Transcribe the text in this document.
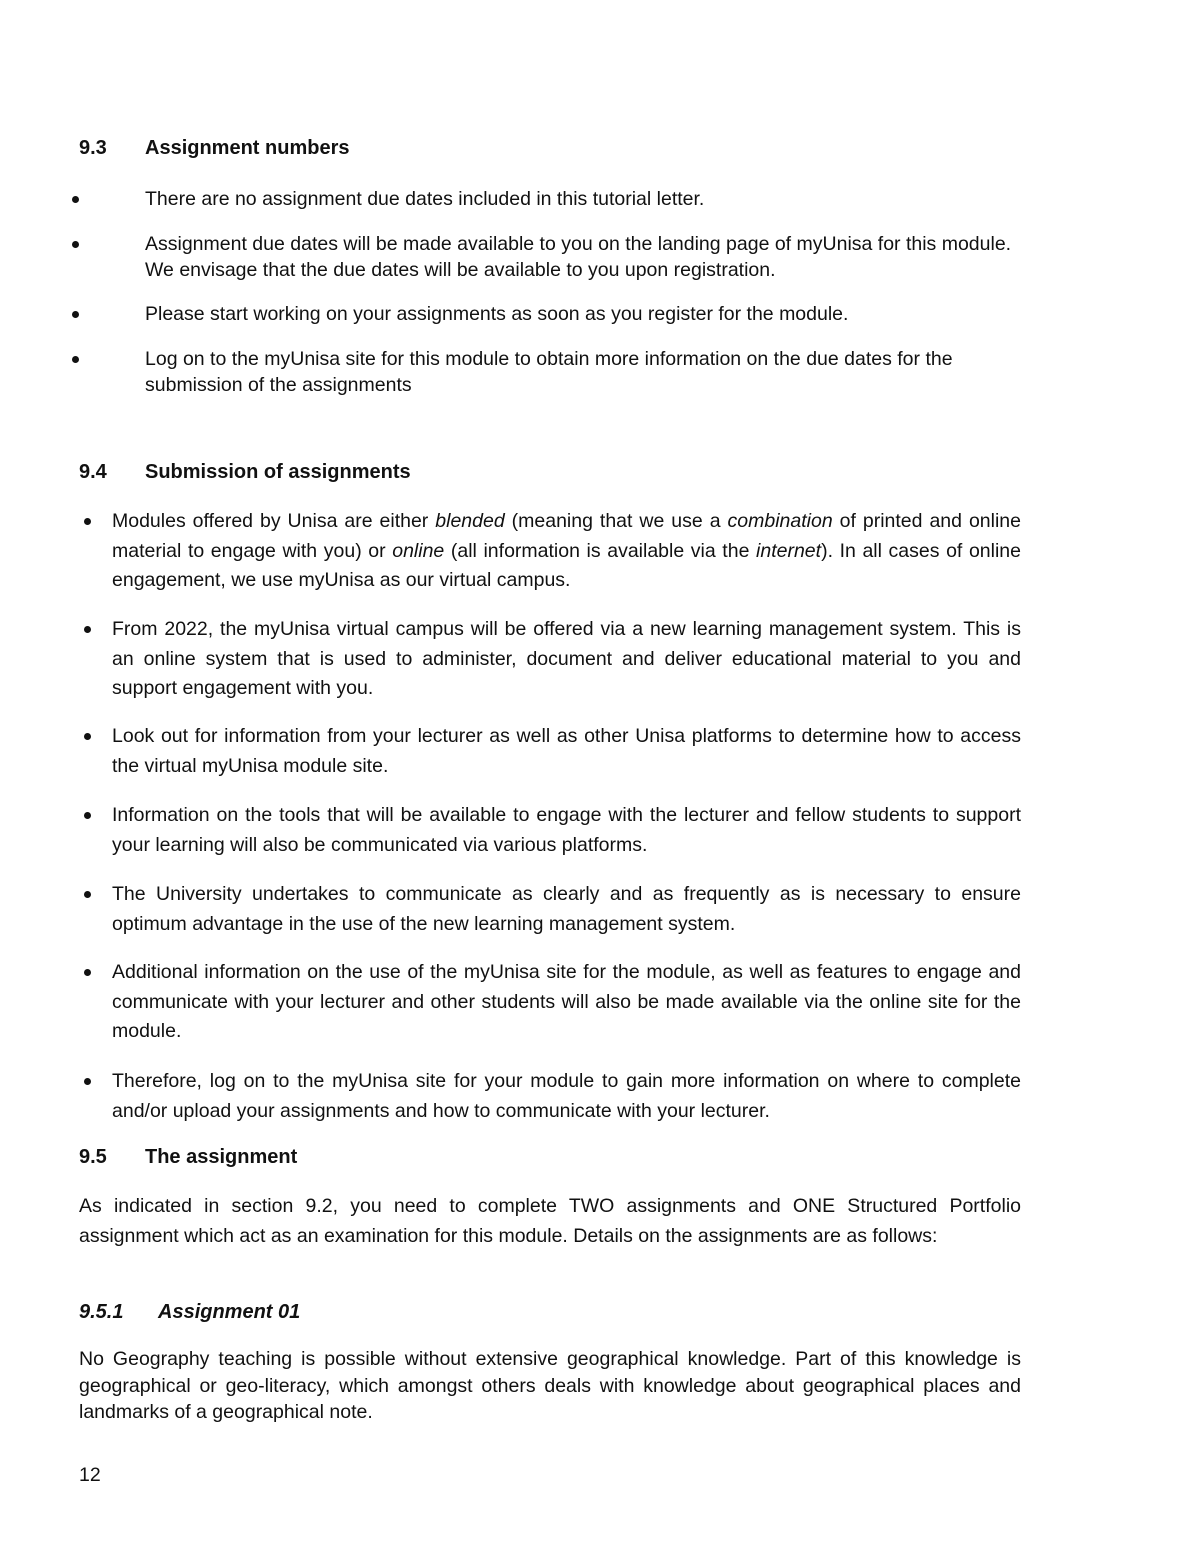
9.3 Assignment numbers
There are no assignment due dates included in this tutorial letter.
Assignment due dates will be made available to you on the landing page of myUnisa for this module. We envisage that the due dates will be available to you upon registration.
Please start working on your assignments as soon as you register for the module.
Log on to the myUnisa site for this module to obtain more information on the due dates for the submission of the assignments
9.4 Submission of assignments
Modules offered by Unisa are either blended (meaning that we use a combination of printed and online material to engage with you) or online (all information is available via the internet). In all cases of online engagement, we use myUnisa as our virtual campus.
From 2022, the myUnisa virtual campus will be offered via a new learning management system. This is an online system that is used to administer, document and deliver educational material to you and support engagement with you.
Look out for information from your lecturer as well as other Unisa platforms to determine how to access the virtual myUnisa module site.
Information on the tools that will be available to engage with the lecturer and fellow students to support your learning will also be communicated via various platforms.
The University undertakes to communicate as clearly and as frequently as is necessary to ensure optimum advantage in the use of the new learning management system.
Additional information on the use of the myUnisa site for the module, as well as features to engage and communicate with your lecturer and other students will also be made available via the online site for the module.
Therefore, log on to the myUnisa site for your module to gain more information on where to complete and/or upload your assignments and how to communicate with your lecturer.
9.5 The assignment
As indicated in section 9.2, you need to complete TWO assignments and ONE Structured Portfolio assignment which act as an examination for this module. Details on the assignments are as follows:
9.5.1 Assignment 01
No Geography teaching is possible without extensive geographical knowledge. Part of this knowledge is geographical or geo-literacy, which amongst others deals with knowledge about geographical places and landmarks of a geographical note.
12
